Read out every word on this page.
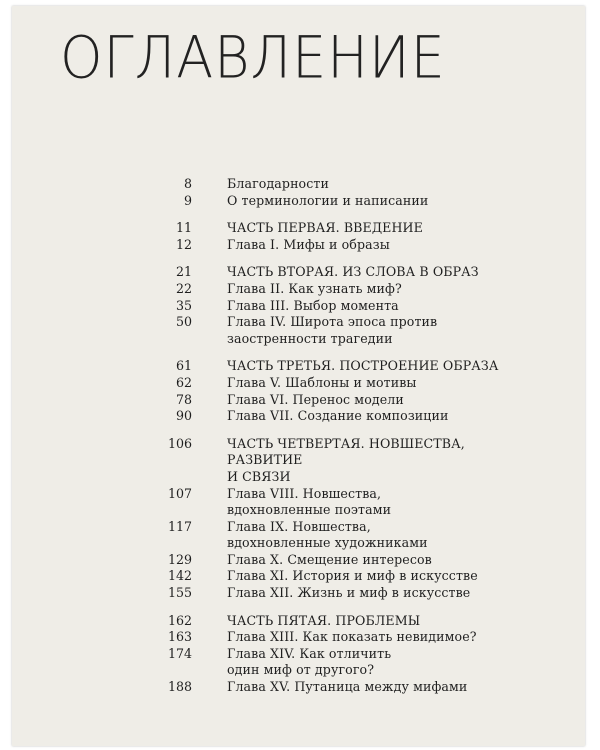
ОГЛАВЛЕНИЕ
8	Благодарности
9	О терминологии и написании
11	ЧАСТЬ ПЕРВАЯ. ВВЕДЕНИЕ
12	Глава I. Мифы и образы
21	ЧАСТЬ ВТОРАЯ. ИЗ СЛОВА В ОБРАЗ
22	Глава II. Как узнать миф?
35	Глава III. Выбор момента
50	Глава IV. Широта эпоса против
заостренности трагедии
61	ЧАСТЬ ТРЕТЬЯ. ПОСТРОЕНИЕ ОБРАЗА
62	Глава V. Шаблоны и мотивы
78	Глава VI. Перенос модели
90	Глава VII. Создание композиции
106	ЧАСТЬ ЧЕТВЕРТАЯ. НОВШЕСТВА, РАЗВИТИЕ
И СВЯЗИ
107	Глава VIII. Новшества,
вдохновленные поэтами
117	Глава IX. Новшества,
вдохновленные художниками
129	Глава X. Смещение интересов
142	Глава XI. История и миф в искусстве
155	Глава XII. Жизнь и миф в искусстве
162	ЧАСТЬ ПЯТАЯ. ПРОБЛЕМЫ
163	Глава XIII. Как показать невидимое?
174	Глава XIV. Как отличить
один миф от другого?
188	Глава XV. Путаница между мифами
